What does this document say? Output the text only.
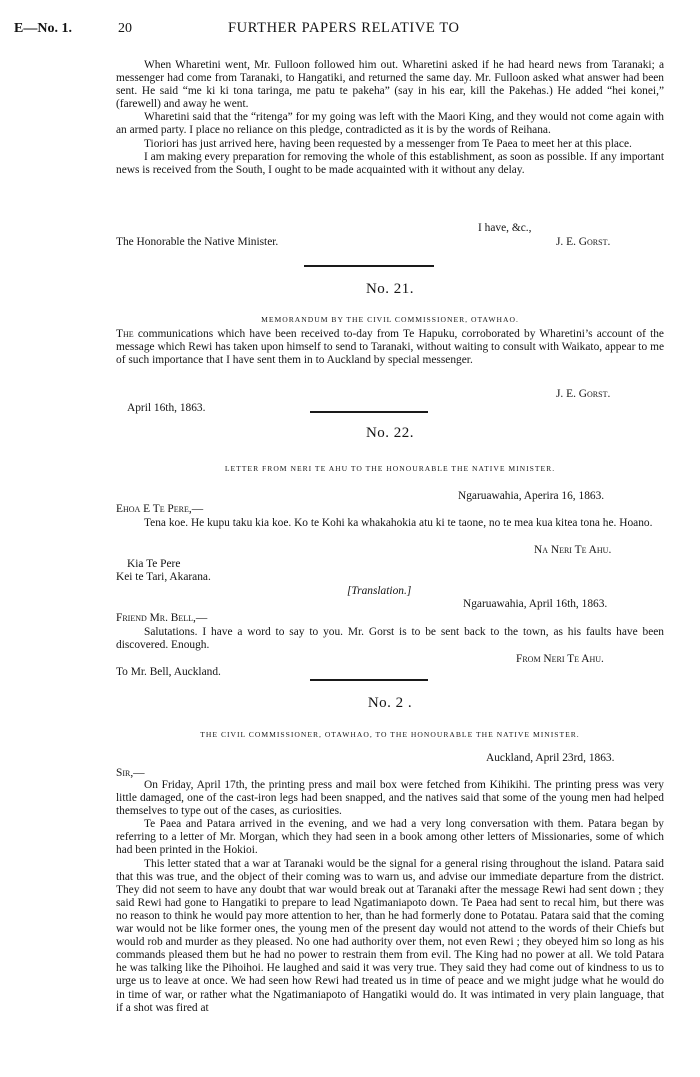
E—No. 1.	20	FURTHER PAPERS RELATIVE TO

When Wharetini went, Mr. Fulloon followed him out. Wharetini asked if he had heard news from Taranaki; a messenger had come from Taranaki, to Hangatiki, and returned the same day. Mr. Fulloon asked what answer had been sent. He said “me ki ki tona taringa, me patu te pakeha” (say in his ear, kill the Pakehas.) He added “hei konei,” (farewell) and away he went.

Wharetini said that the “ritenga” for my going was left with the Maori King, and they would not come again with an armed party. I place no reliance on this pledge, contradicted as it is by the words of Reihana.

Tioriori has just arrived here, having been requested by a messenger from Te Paea to meet her at this place.

I am making every preparation for removing the whole of this establishment, as soon as possible. If any important news is received from the South, I ought to be made acquainted with it without any delay.

I have, &c.,
The Honorable the Native Minister.	J. E. Gorst.
No. 21.
MEMORANDUM BY THE CIVIL COMMISSIONER, OTAWHAO.

The communications which have been received to-day from Te Hapuku, corroborated by Wharetini’s account of the message which Rewi has taken upon himself to send to Taranaki, without waiting to consult with Waikato, appear to me of such importance that I have sent them in to Auckland by special messenger.

J. E. Gorst.
April 16th, 1863.
No. 22.
LETTER FROM NERI TE AHU TO THE HONOURABLE THE NATIVE MINISTER.
Ngaruawahia, Aperira 16, 1863.
Ehoa E Te Pere,—

Tena koe. He kupu taku kia koe. Ko te Kohi ka whakahokia atu ki te taone, no te mea kua kitea tona he. Hoano.

Na Neri Te Ahu.
Kia Te Pere
Kei te Tari, Akarana.
[Translation.]
Ngaruawahia, April 16th, 1863.
Friend Mr. Bell,—

Salutations. I have a word to say to you. Mr. Gorst is to be sent back to the town, as his faults have been discovered. Enough.

From Neri Te Ahu.
To Mr. Bell, Auckland.
No. 2 .
THE CIVIL COMMISSIONER, OTAWHAO, TO THE HONOURABLE THE NATIVE MINISTER.
Auckland, April 23rd, 1863.
Sir,—

On Friday, April 17th, the printing press and mail box were fetched from Kihikihi. The printing press was very little damaged, one of the cast-iron legs had been snapped, and the natives said that some of the young men had helped themselves to type out of the cases, as curiosities.

Te Paea and Patara arrived in the evening, and we had a very long conversation with them. Patara began by referring to a letter of Mr. Morgan, which they had seen in a book among other letters of Missionaries, some of which had been printed in the Hokioi.

This letter stated that a war at Taranaki would be the signal for a general rising throughout the island. Patara said that this was true, and the object of their coming was to warn us, and advise our immediate departure from the district. They did not seem to have any doubt that war would break out at Taranaki after the message Rewi had sent down ; they said Rewi had gone to Hangatiki to prepare to lead Ngatimaniapoto down. Te Paea had sent to recal him, but there was no reason to think he would pay more attention to her, than he had formerly done to Potatau. Patara said that the coming war would not be like former ones, the young men of the present day would not attend to the words of their Chiefs but would rob and murder as they pleased. No one had authority over them, not even Rewi ; they obeyed him so long as his commands pleased them but he had no power to restrain them from evil. The King had no power at all. We told Patara he was talking like the Pihoihoi. He laughed and said it was very true. They said they had come out of kindness to us to urge us to leave at once. We had seen how Rewi had treated us in time of peace and we might judge what he would do in time of war, or rather what the Ngatimaniapoto of Hangatiki would do. It was intimated in very plain language, that if a shot was fired at
